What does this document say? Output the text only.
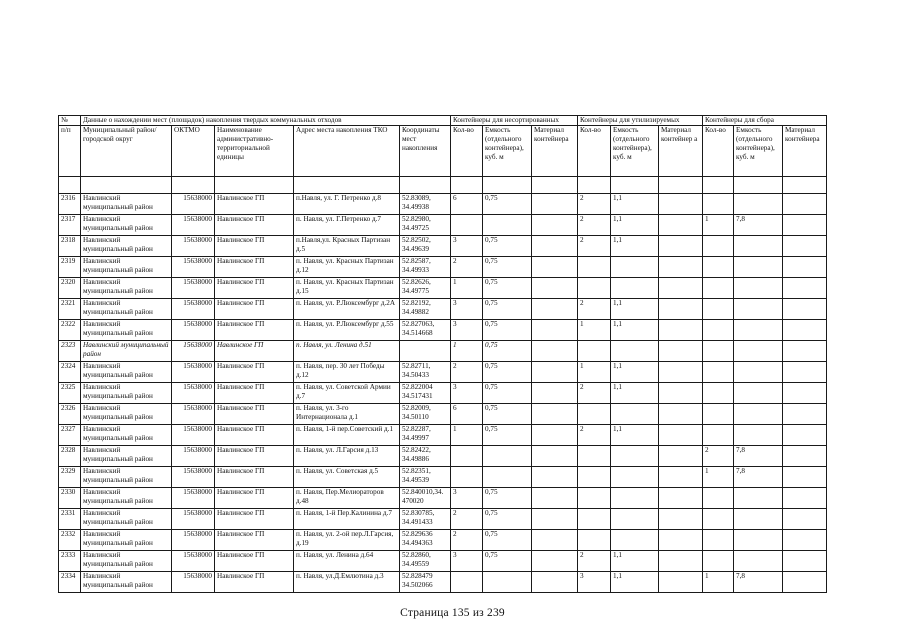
№	Данные о нахождении мест (площадок) накопления твердых коммунальных отходов					Контейнеры для несортированных			Контейнеры для утилизируемых			Контейнеры для сбора		
п/п	Муниципальный район/городской округ	ОКТМО	Наименование административно-территориальной единицы	Адрес места накопления ТКО	Координаты мест накопления	Кол-во	Емкость (отдельного контейнера), куб. м	Материал контейнера	Кол-во	Емкость (отдельного контейнера), куб. м	Материал контейнер а	Кол-во	Емкость (отдельного контейнера), куб. м	Материал контейнера

2316	Навлинский муниципальный район	15638000	Навлинское ГП	п.Навля, ул. Г. Петренко д.8	52.83089, 34.49938	6	0,75		2	1,1				
2317	Навлинский муниципальный район	15638000	Навлинское ГП	п. Навля, ул. Г.Петренко д.7	52.82980, 34.49725				2	1,1		1	7,8	
2318	Навлинский муниципальный район	15638000	Навлинское ГП	п.Навля,ул. Красных Партизан д.5	52.82502, 34.49639	3	0,75		2	1,1				
2319	Навлинский муниципальный район	15638000	Навлинское ГП	п. Навля, ул. Красных Партизан д.12	52.82587, 34.49933	2	0,75							
2320	Навлинский муниципальный район	15638000	Навлинское ГП	п. Навля, ул. Красных Партизан д.15	52.82626, 34.49775	1	0,75							
2321	Навлинский муниципальный район	15638000	Навлинское ГП	п. Навля, ул. Р.Люксембург д.2А	52.82192, 34.49882	3	0,75		2	1,1				
2322	Навлинский муниципальный район	15638000	Навлинское ГП	п. Навля, ул. Р.Люксембург д.55	52.827063, 34.514668	3	0,75		1	1,1				
2323	Навлинский муниципальный район	15638000	Навлинское ГП	п. Навля, ул. Ленина д.51		1	0,75							
2324	Навлинский муниципальный район	15638000	Навлинское ГП	п. Навля, пер. 30 лет Победы д.12	52.82711, 34.50433	2	0,75		1	1,1				
2325	Навлинский муниципальный район	15638000	Навлинское ГП	п. Навля, ул. Советской Армии д.7	52.822004 34.517431	3	0,75		2	1,1				
2326	Навлинский муниципальный район	15638000	Навлинское ГП	п. Навля, ул. 3-го Интернационала д.1	52.82009, 34.50110	6	0,75							
2327	Навлинский муниципальный район	15638000	Навлинское ГП	п. Навля, 1-й пер.Советский д.1	52.82287, 34.49997	1	0,75		2	1,1				
2328	Навлинский муниципальный район	15638000	Навлинское ГП	п. Навля, ул. Л.Гарсия д.13	52.82422, 34.49886							2	7,8	
2329	Навлинский муниципальный район	15638000	Навлинское ГП	п. Навля, ул. Советская д.5	52.82351, 34.49539							1	7,8	
2330	Навлинский муниципальный район	15638000	Навлинское ГП	п. Навля, Пер.Мелиораторов д.48	52.840010,34. 470020	3	0,75							
2331	Навлинский муниципальный район	15638000	Навлинское ГП	п. Навля, 1-й Пер.Калинина д.7	52.830785, 34.491433	2	0,75							
2332	Навлинский муниципальный район	15638000	Навлинское ГП	п. Навля, ул. 2-ой пер.Л.Гарсия, д.19	52.829636 34.494363	2	0,75							
2333	Навлинский муниципальный район	15638000	Навлинское ГП	п. Навля, ул. Ленина д.64	52.82860, 34.49559	3	0,75		2	1,1				
2334	Навлинский муниципальный район	15638000	Навлинское ГП	п. Навля, ул.Д.Емлютина д.3	52.828479 34.502066				3	1,1		1	7,8	
Страница 135 из 239
